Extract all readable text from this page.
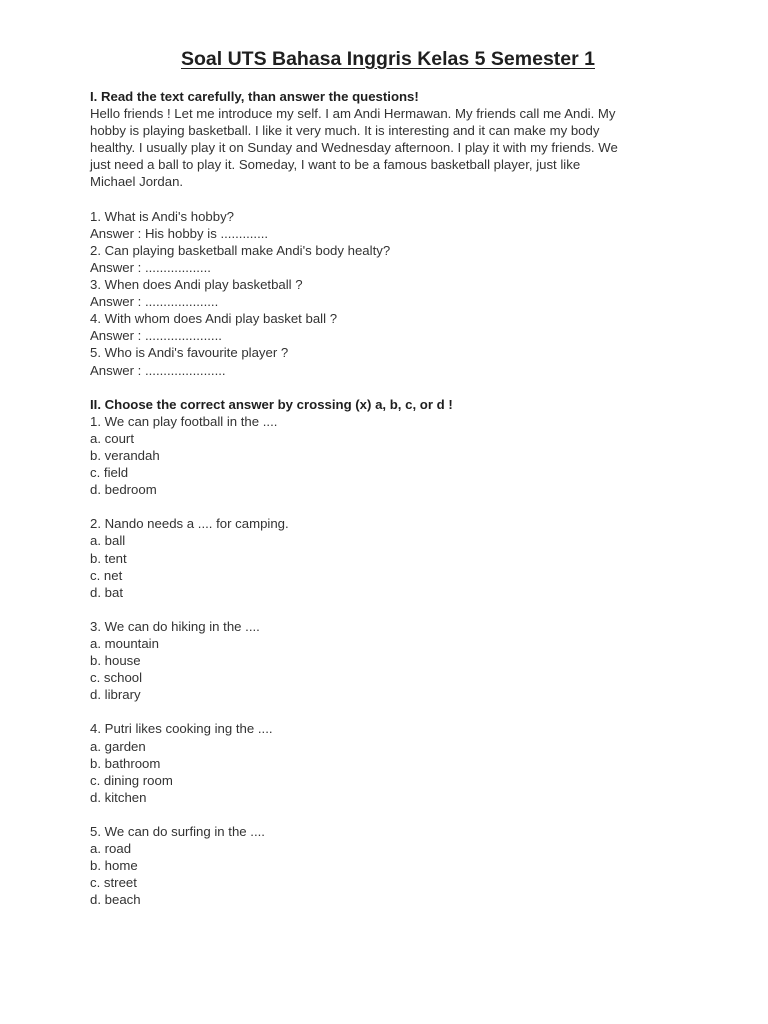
Soal UTS Bahasa Inggris Kelas 5 Semester 1

I. Read the text carefully, than answer the questions!

Hello friends ! Let me introduce my self. I am Andi Hermawan. My friends call me Andi. My

hobby is playing basketball. I like it very much. It is interesting and it can make my body

healthy. I usually play it on Sunday and Wednesday afternoon. I play it with my friends. We

just need a ball to play it. Someday, I want to be a famous basketball player, just like

Michael Jordan.

1. What is Andi's hobby?

Answer : His hobby is .............

2. Can playing basketball make Andi's body healty?

Answer : ..................

3. When does Andi play basketball ?

Answer : ....................

4. With whom does Andi play basket ball ?

Answer : .....................

5. Who is Andi's favourite player ?

Answer : ......................

II. Choose the correct answer by crossing (x) a, b, c, or d !

1. We can play football in the ....

a. court

b. verandah

c. field

d. bedroom

2. Nando needs a .... for camping.

a. ball

b. tent

c. net

d. bat

3. We can do hiking in the ....

a. mountain

b. house

c. school

d. library

4. Putri likes cooking ing the ....

a. garden

b. bathroom

c. dining room

d. kitchen

5. We can do surfing in the ....

a. road

b. home

c. street

d. beach
